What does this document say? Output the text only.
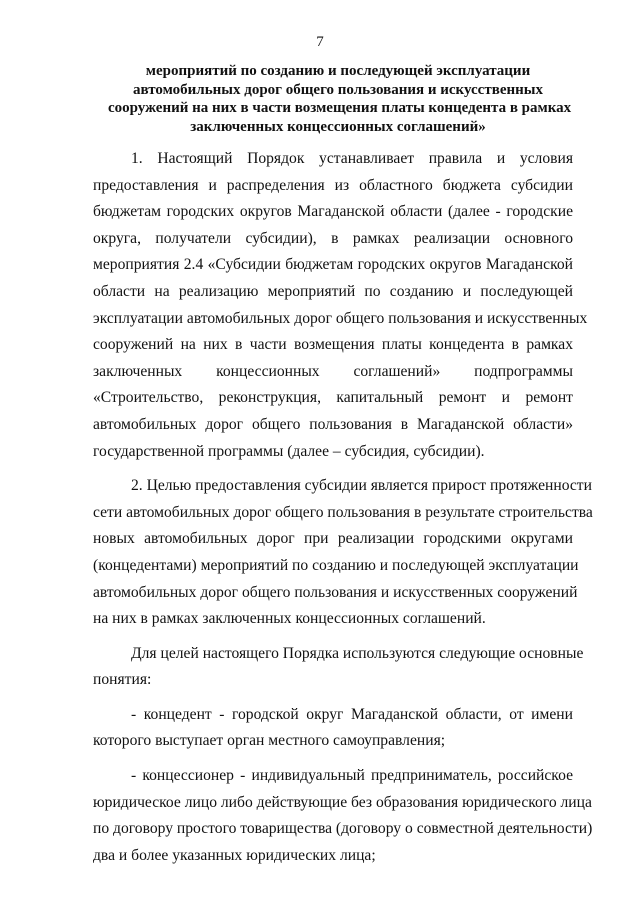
7
мероприятий по созданию и последующей эксплуатации
автомобильных дорог общего пользования и искусственных
сооружений на них в части возмещения платы концедента в рамках
заключенных концессионных соглашений»
1. Настоящий Порядок устанавливает правила и условия
предоставления и распределения из областного бюджета субсидии
бюджетам городских округов Магаданской области (далее - городские
округа, получатели субсидии), в рамках реализации основного
мероприятия 2.4 «Субсидии бюджетам городских округов Магаданской
области на реализацию мероприятий по созданию и последующей
эксплуатации автомобильных дорог общего пользования и искусственных
сооружений на них в части возмещения платы концедента в рамках
заключенных концессионных соглашений» подпрограммы
«Строительство, реконструкция, капитальный ремонт и ремонт
автомобильных дорог общего пользования в Магаданской области»
государственной программы (далее – субсидия, субсидии).
2. Целью предоставления субсидии является прирост протяженности
сети автомобильных дорог общего пользования в результате строительства
новых автомобильных дорог при реализации городскими округами
(концедентами) мероприятий по созданию и последующей эксплуатации
автомобильных дорог общего пользования и искусственных сооружений
на них в рамках заключенных концессионных соглашений.
Для целей настоящего Порядка используются следующие основные
понятия:
- концедент - городской округ Магаданской области, от имени
которого выступает орган местного самоуправления;
- концессионер - индивидуальный предприниматель, российское
юридическое лицо либо действующие без образования юридического лица
по договору простого товарищества (договору о совместной деятельности)
два и более указанных юридических лица;
